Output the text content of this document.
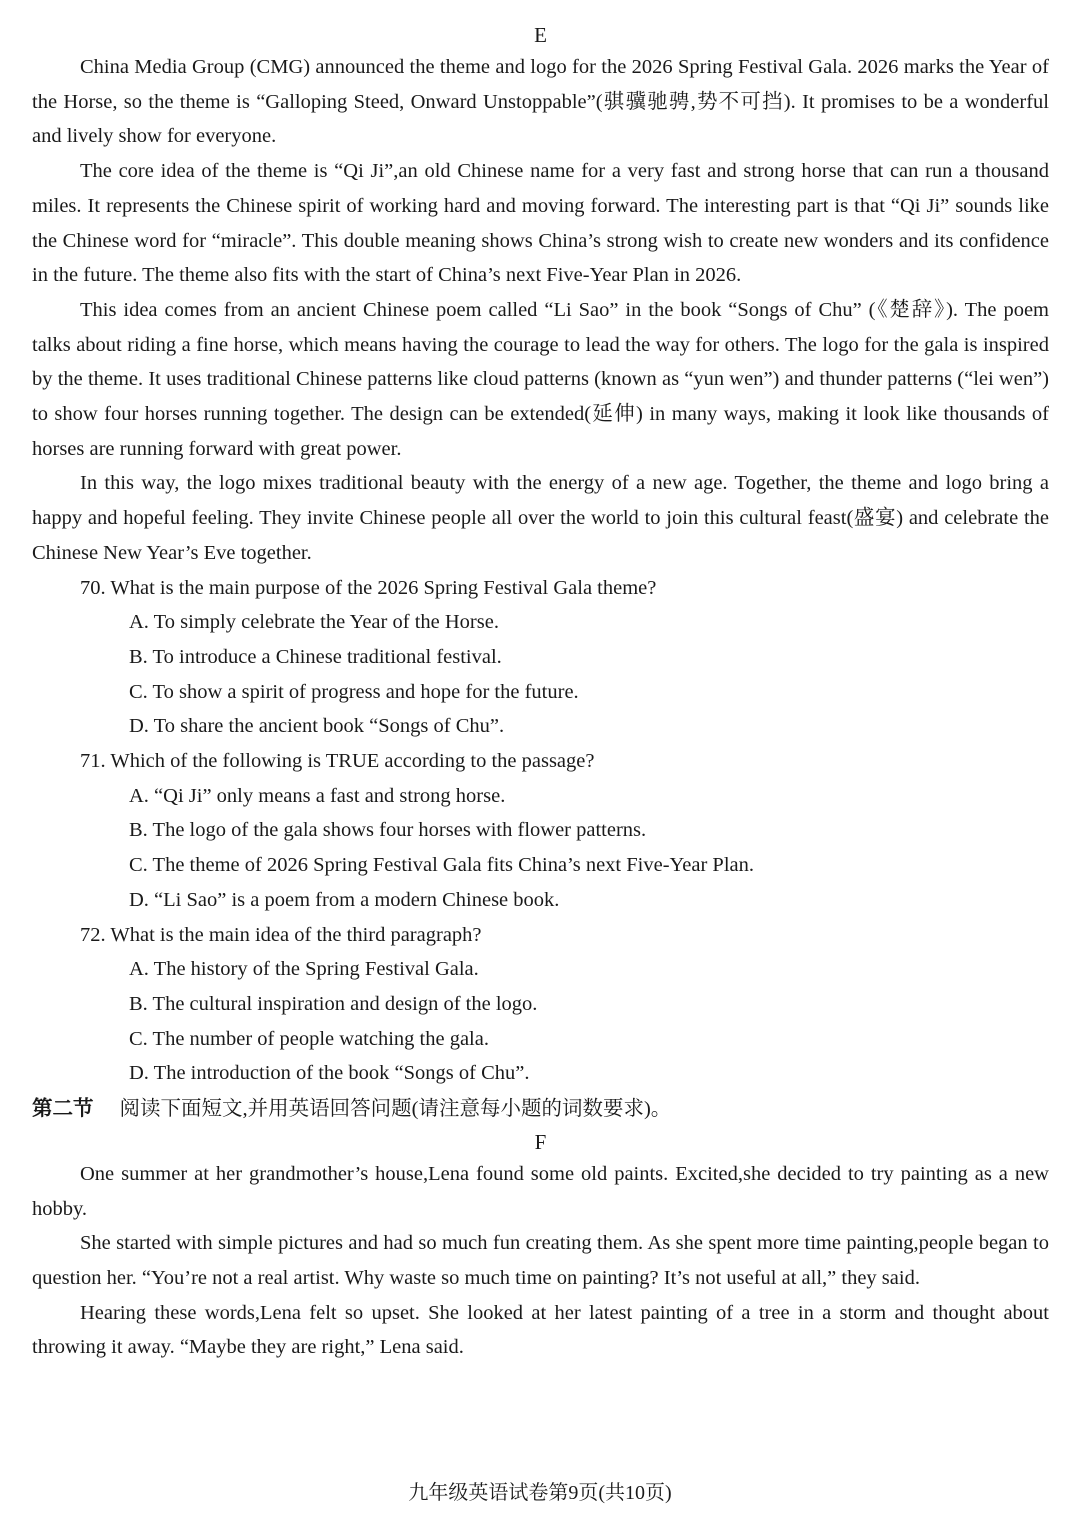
E

China Media Group (CMG) announced the theme and logo for the 2026 Spring Festival Gala. 2026 marks the Year of the Horse, so the theme is “Galloping Steed, Onward Unstoppable”(骐骥驰骋,势不可挡). It promises to be a wonderful and lively show for everyone.

The core idea of the theme is “Qi Ji”,an old Chinese name for a very fast and strong horse that can run a thousand miles. It represents the Chinese spirit of working hard and moving forward. The interesting part is that “Qi Ji” sounds like the Chinese word for “miracle”. This double meaning shows China’s strong wish to create new wonders and its confidence in the future. The theme also fits with the start of China’s next Five-Year Plan in 2026.

This idea comes from an ancient Chinese poem called “Li Sao” in the book “Songs of Chu” (《楚辞》). The poem talks about riding a fine horse, which means having the courage to lead the way for others. The logo for the gala is inspired by the theme. It uses traditional Chinese patterns like cloud patterns (known as “yun wen”) and thunder patterns (“lei wen”) to show four horses running together. The design can be extended(延伸) in many ways, making it look like thousands of horses are running forward with great power.

In this way, the logo mixes traditional beauty with the energy of a new age. Together, the theme and logo bring a happy and hopeful feeling. They invite Chinese people all over the world to join this cultural feast(盛宴) and celebrate the Chinese New Year’s Eve together.

70. What is the main purpose of the 2026 Spring Festival Gala theme?

A. To simply celebrate the Year of the Horse.

B. To introduce a Chinese traditional festival.

C. To show a spirit of progress and hope for the future.

D. To share the ancient book “Songs of Chu”.

71. Which of the following is TRUE according to the passage?

A. “Qi Ji” only means a fast and strong horse.

B. The logo of the gala shows four horses with flower patterns.

C. The theme of 2026 Spring Festival Gala fits China’s next Five-Year Plan.

D. “Li Sao” is a poem from a modern Chinese book.

72. What is the main idea of the third paragraph?

A. The history of the Spring Festival Gala.

B. The cultural inspiration and design of the logo.

C. The number of people watching the gala.

D. The introduction of the book “Songs of Chu”.

第二节 阅读下面短文,并用英语回答问题(请注意每小题的词数要求)。

F

One summer at her grandmother’s house,Lena found some old paints. Excited,she decided to try painting as a new hobby.

She started with simple pictures and had so much fun creating them. As she spent more time painting,people began to question her. “You’re not a real artist. Why waste so much time on painting? It’s not useful at all,” they said.

Hearing these words,Lena felt so upset. She looked at her latest painting of a tree in a storm and thought about throwing it away. “Maybe they are right,” Lena said.

九年级英语试卷第9页(共10页)
